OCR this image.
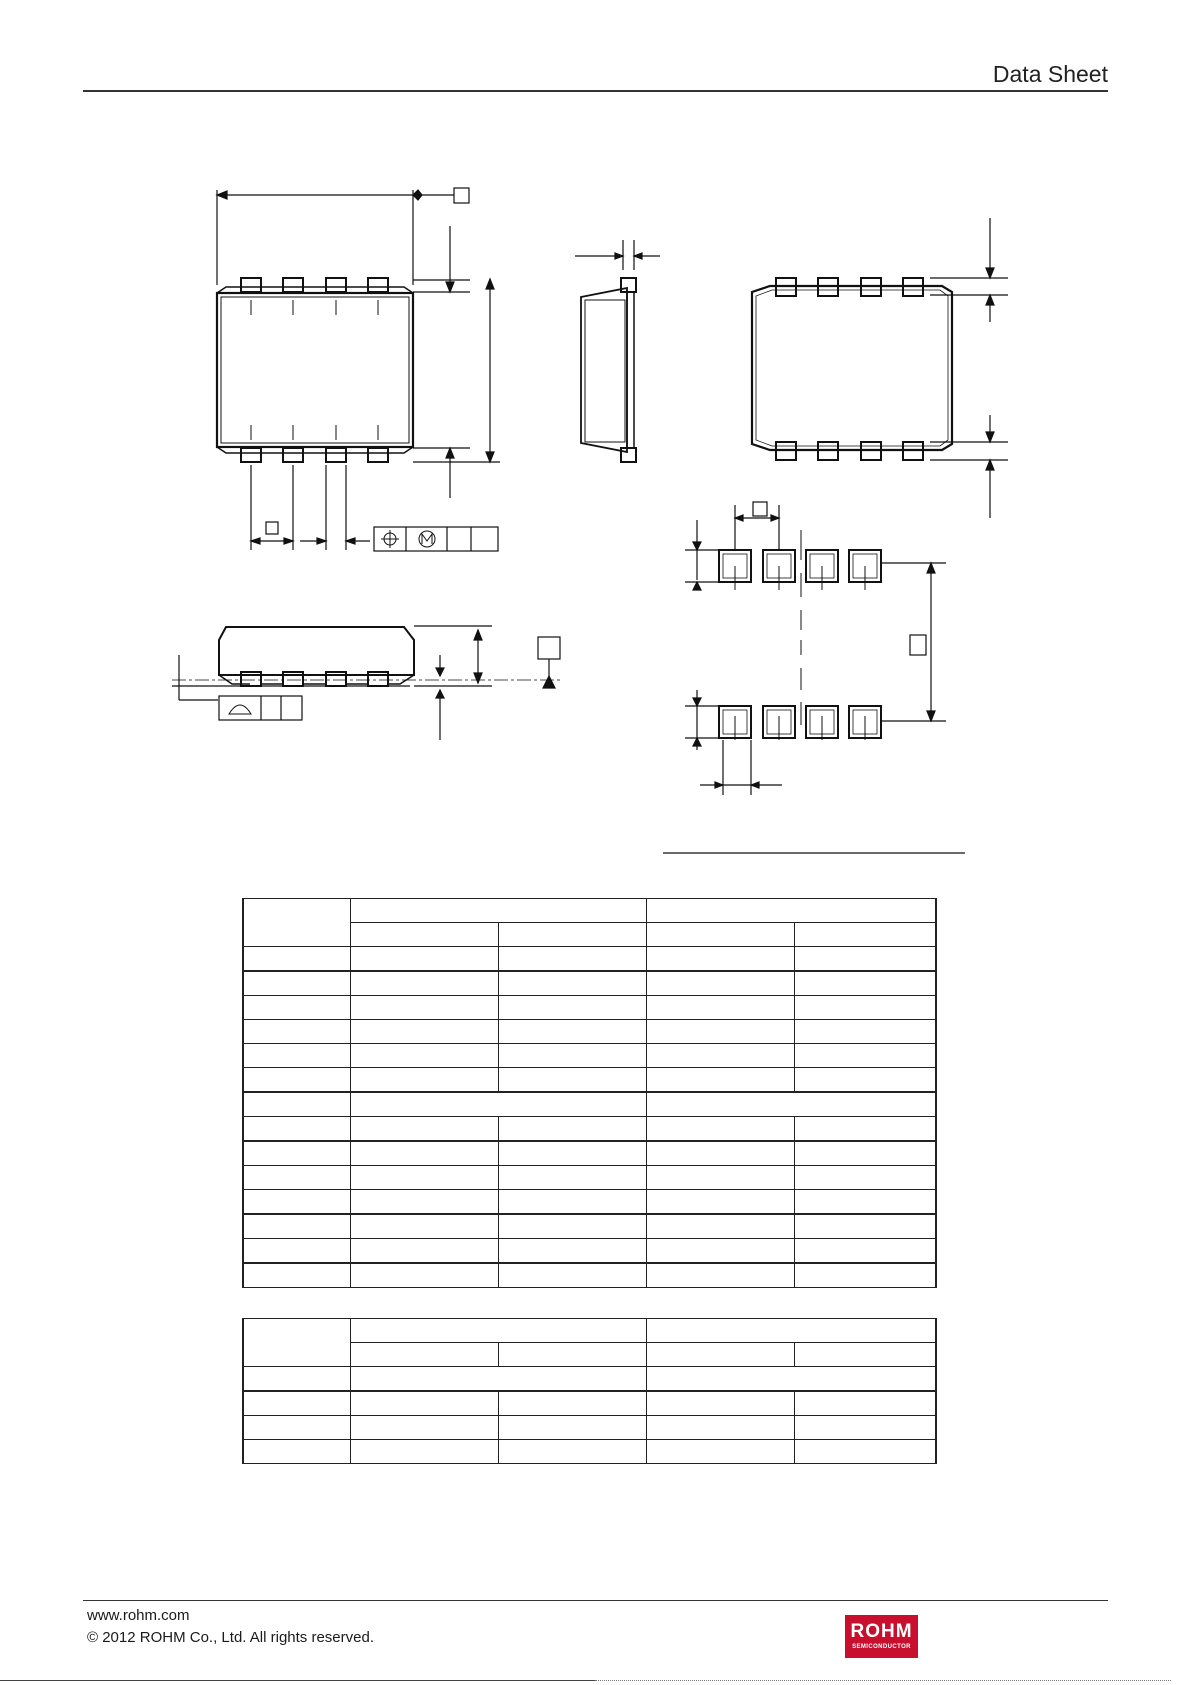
Data Sheet

www.rohm.com
© 2012 ROHM Co., Ltd. All rights reserved.	ROHM
SEMICONDUCTOR
